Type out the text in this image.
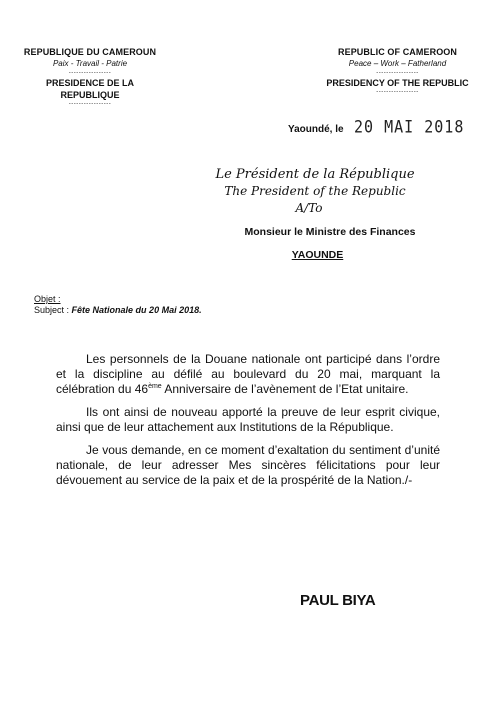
REPUBLIQUE DU CAMEROUN
Paix - Travail - Patrie
-----------------
PRESIDENCE DE LA REPUBLIQUE
-----------------
REPUBLIC OF CAMEROON
Peace – Work – Fatherland
-----------------
PRESIDENCY OF THE REPUBLIC
-----------------
Yaoundé, le 20 MAI 2018
Le Président de la République
The President of the Republic
A/To
Monsieur le Ministre des Finances
YAOUNDE
Objet :
Subject : Fête Nationale du 20 Mai 2018.

Les personnels de la Douane nationale ont participé dans l’ordre et la discipline au défilé au boulevard du 20 mai, marquant la célébration du 46ème Anniversaire de l’avènement de l’Etat unitaire.

Ils ont ainsi de nouveau apporté la preuve de leur esprit civique, ainsi que de leur attachement aux Institutions de la République.

Je vous demande, en ce moment d’exaltation du sentiment d’unité nationale, de leur adresser Mes sincères félicitations pour leur dévouement au service de la paix et de la prospérité de la Nation./-

PAUL BIYA
